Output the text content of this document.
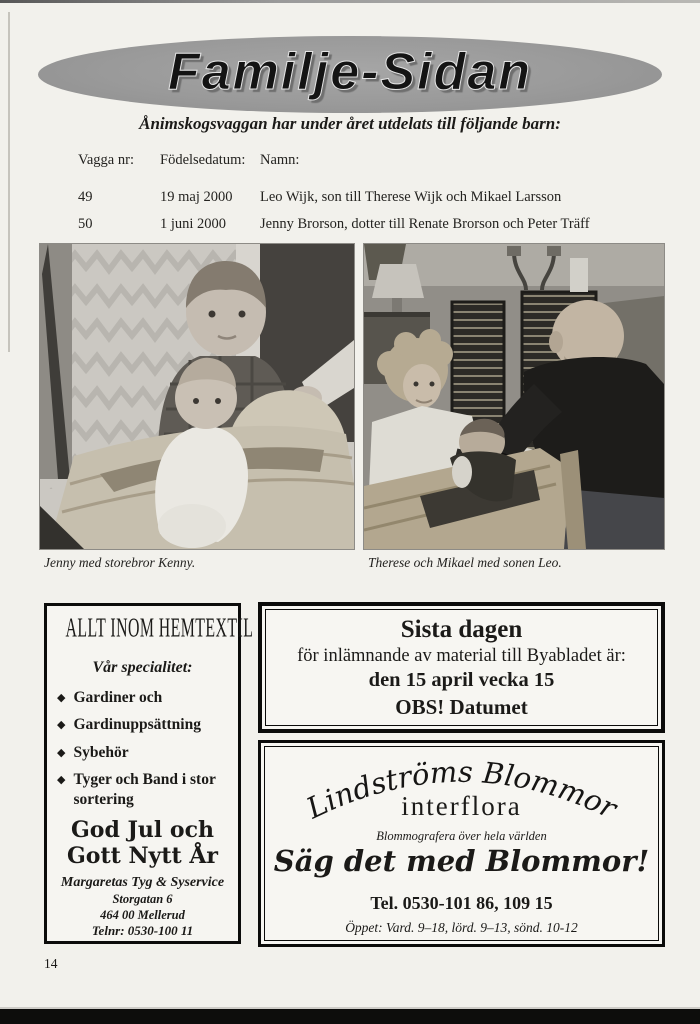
Familje-Sidan
Ånimskogsvaggan har under året utdelats till följande barn:
Vagga nr: Födelsedatum: Namn:
49	19 maj 2000 Leo Wijk, son till Therese Wijk och Mikael Larsson
50	1 juni 2000 Jenny Brorson, dotter till Renate Brorson och Peter Träff
Jenny med storebror Kenny.	Therese och Mikael med sonen Leo.
ALLT INOM HEMTEXTIL
Vår specialitet:
◆ Gardiner och
◆ Gardinuppsättning
◆ Sybehör
◆ Tyger och Band i stor sortering
God Jul och
Gott Nytt År
Margaretas Tyg & Syservice
Storgatan 6
464 00 Mellerud
Telnr: 0530-100 11
Sista dagen
för inlämnande av material till Byabladet är:
den 15 april vecka 15
OBS! Datumet
Lindströms Blommor
interflora
Blommografera över hela världen
Säg det med Blommor!
Tel. 0530-101 86, 109 15
Öppet: Vard. 9–18, lörd. 9–13, sönd. 10-12
14
